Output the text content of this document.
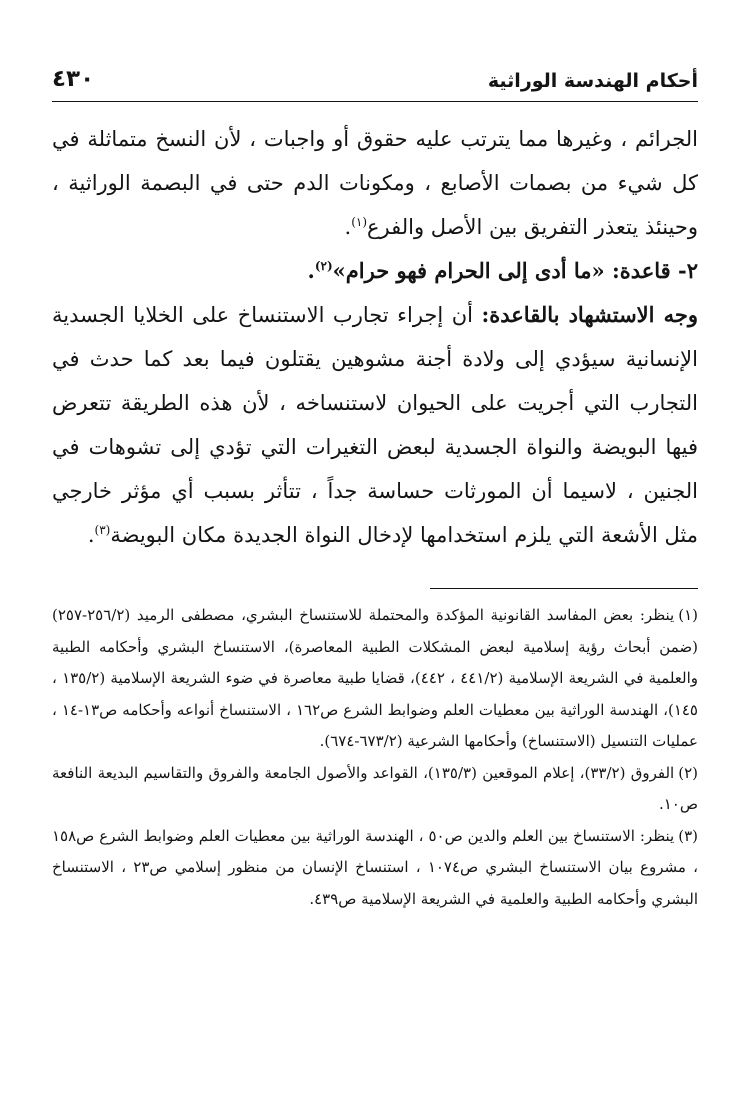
أحكام الهندسة الوراثية
٤٣٠

الجرائم ، وغيرها مما يترتب عليه حقوق أو واجبات ، لأن النسخ متماثلة في كل شيء من بصمات الأصابع ، ومكونات الدم حتى في البصمة الوراثية ، وحينئذ يتعذر التفريق بين الأصل والفرع$^{(١)}$.

٢- قاعدة: «ما أدى إلى الحرام فهو حرام»$^{(٢)}$.

وجه الاستشهاد بالقاعدة: أن إجراء تجارب الاستنساخ على الخلايا الجسدية الإنسانية سيؤدي إلى ولادة أجنة مشوهين يقتلون فيما بعد كما حدث في التجارب التي أجريت على الحيوان لاستنساخه ، لأن هذه الطريقة تتعرض فيها البويضة والنواة الجسدية لبعض التغيرات التي تؤدي إلى تشوهات في الجنين ، لاسيما أن المورثات حساسة جداً ، تتأثر بسبب أي مؤثر خارجي مثل الأشعة التي يلزم استخدامها لإدخال النواة الجديدة مكان البويضة$^{(٣)}$.

(١)ينظر: بعض المفاسد القانونية المؤكدة والمحتملة للاستنساخ البشري، مصطفى الرميد (٢٥٦/٢-٢٥٧) (ضمن أبحاث رؤية إسلامية لبعض المشكلات الطبية المعاصرة)، الاستنساخ البشري وأحكامه الطبية والعلمية في الشريعة الإسلامية (٤٤١/٢ ، ٤٤٢)، قضايا طبية معاصرة في ضوء الشريعة الإسلامية (١٣٥/٢ ، ١٤٥)، الهندسة الوراثية بين معطيات العلم وضوابط الشرع ص١٦٢ ، الاستنساخ أنواعه وأحكامه ص١٣-١٤ ، عمليات التنسيل (الاستنساخ) وأحكامها الشرعية (٦٧٣/٢-٦٧٤).

(٢)الفروق (٣٣/٢)، إعلام الموقعين (١٣٥/٣)، القواعد والأصول الجامعة والفروق والتقاسيم البديعة النافعة ص١٠.

(٣)ينظر: الاستنساخ بين العلم والدين ص٥٠ ، الهندسة الوراثية بين معطيات العلم وضوابط الشرع ص١٥٨ ، مشروع بيان الاستنساخ البشري ص١٠٧٤ ، استنساخ الإنسان من منظور إسلامي ص٢٣ ، الاستنساخ البشري وأحكامه الطبية والعلمية في الشريعة الإسلامية ص٤٣٩.
